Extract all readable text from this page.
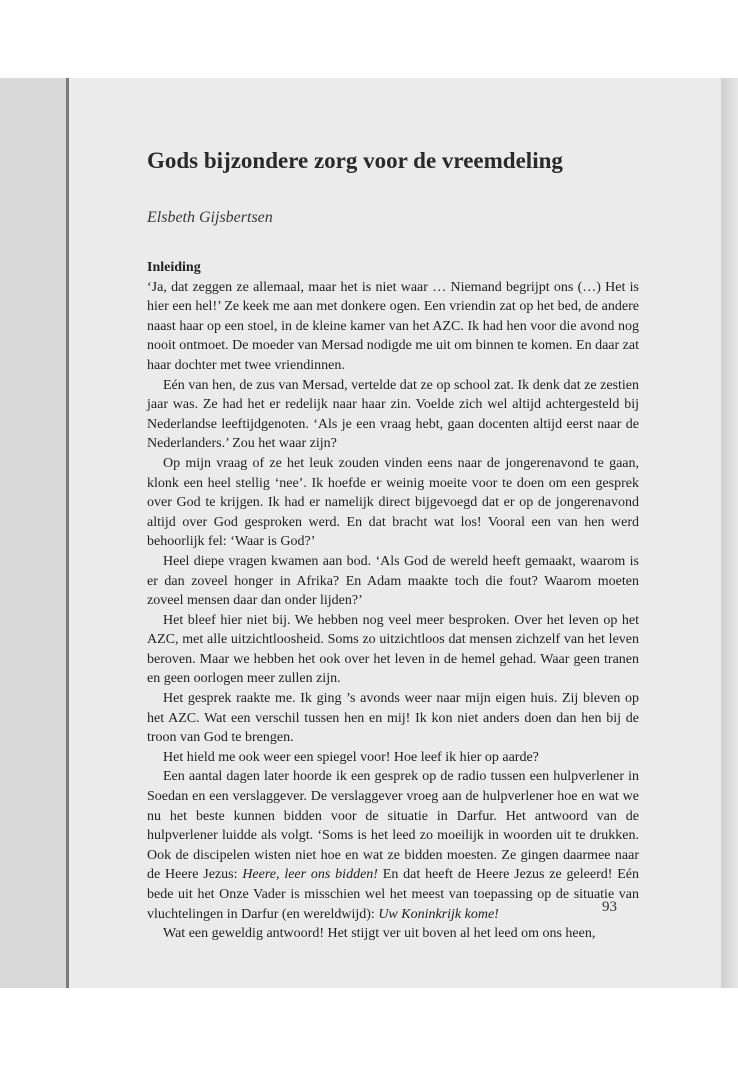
Gods bijzondere zorg voor de vreemdeling

Elsbeth Gijsbertsen

Inleiding

‘Ja, dat zeggen ze allemaal, maar het is niet waar … Niemand begrijpt ons (…) Het is hier een hel!’ Ze keek me aan met donkere ogen. Een vriendin zat op het bed, de andere naast haar op een stoel, in de kleine kamer van het AZC. Ik had hen voor die avond nog nooit ontmoet. De moeder van Mersad nodigde me uit om binnen te komen. En daar zat haar dochter met twee vriendinnen.

Eén van hen, de zus van Mersad, vertelde dat ze op school zat. Ik denk dat ze zestien jaar was. Ze had het er redelijk naar haar zin. Voelde zich wel altijd achtergesteld bij Nederlandse leeftijdgenoten. ‘Als je een vraag hebt, gaan docenten altijd eerst naar de Nederlanders.’ Zou het waar zijn?

Op mijn vraag of ze het leuk zouden vinden eens naar de jongerenavond te gaan, klonk een heel stellig ‘nee’. Ik hoefde er weinig moeite voor te doen om een gesprek over God te krijgen. Ik had er namelijk direct bijgevoegd dat er op de jongerenavond altijd over God gesproken werd. En dat bracht wat los! Vooral een van hen werd behoorlijk fel: ‘Waar is God?’

Heel diepe vragen kwamen aan bod. ‘Als God de wereld heeft gemaakt, waarom is er dan zoveel honger in Afrika? En Adam maakte toch die fout? Waarom moeten zoveel mensen daar dan onder lijden?’

Het bleef hier niet bij. We hebben nog veel meer besproken. Over het leven op het AZC, met alle uitzichtloosheid. Soms zo uitzichtloos dat mensen zichzelf van het leven beroven. Maar we hebben het ook over het leven in de hemel gehad. Waar geen tranen en geen oorlogen meer zullen zijn.

Het gesprek raakte me. Ik ging ’s avonds weer naar mijn eigen huis. Zij bleven op het AZC. Wat een verschil tussen hen en mij! Ik kon niet anders doen dan hen bij de troon van God te brengen.

Het hield me ook weer een spiegel voor! Hoe leef ik hier op aarde?

Een aantal dagen later hoorde ik een gesprek op de radio tussen een hulpverlener in Soedan en een verslaggever. De verslaggever vroeg aan de hulpverlener hoe en wat we nu het beste kunnen bidden voor de situatie in Darfur. Het antwoord van de hulpverlener luidde als volgt. ‘Soms is het leed zo moeilijk in woorden uit te drukken. Ook de discipelen wisten niet hoe en wat ze bidden moesten. Ze gingen daarmee naar de Heere Jezus: Heere, leer ons bidden! En dat heeft de Heere Jezus ze geleerd! Eén bede uit het Onze Vader is misschien wel het meest van toepassing op de situatie van vluchtelingen in Darfur (en wereldwijd): Uw Koninkrijk kome!

Wat een geweldig antwoord! Het stijgt ver uit boven al het leed om ons heen,

93
